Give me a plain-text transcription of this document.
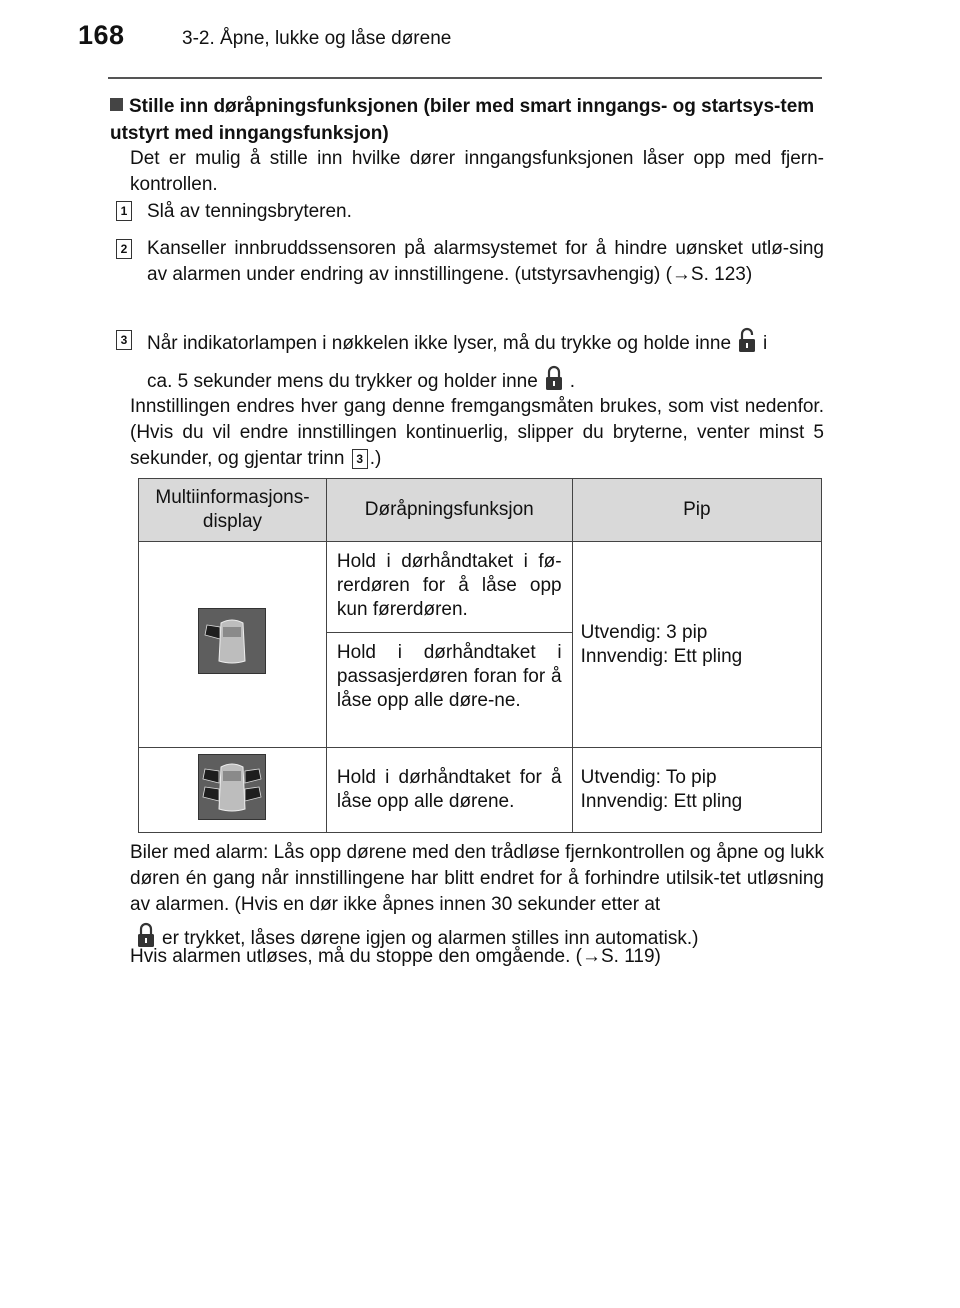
168	3-2. Åpne, lukke og låse dørene
Stille inn døråpningsfunksjonen (biler med smart inngangs- og startsys-tem utstyrt med inngangsfunksjon)
Det er mulig å stille inn hvilke dører inngangsfunksjonen låser opp med fjern-kontrollen.
1 Slå av tenningsbryteren.
2 Kanseller innbruddssensoren på alarmsystemet for å hindre uønsket utlø-sing av alarmen under endring av innstillingene. (utstyrsavhengig) (→S. 123)
3 Når indikatorlampen i nøkkelen ikke lyser, må du trykke og holde inne i
ca. 5 sekunder mens du trykker og holder inne .
Innstillingen endres hver gang denne fremgangsmåten brukes, som vist nedenfor. (Hvis du vil endre innstillingen kontinuerlig, slipper du bryterne, venter minst 5 sekunder, og gjentar trinn 3 .)
Multiinformasjons-display	Døråpningsfunksjon	Pip
	Hold i dørhåndtaket i fø-rerdøren for å låse opp kun førerdøren.	Utvendig: 3 pip
Innvendig: Ett pling

	Hold i dørhåndtaket i passasjerdøren foran for å låse opp alle døre-ne.	
	Hold i dørhåndtaket for å låse opp alle dørene.	Utvendig: To pip
Innvendig: Ett pling
Biler med alarm: Lås opp dørene med den trådløse fjernkontrollen og åpne og lukk døren én gang når innstillingene har blitt endret for å forhindre utilsik-tet utløsning av alarmen. (Hvis en dør ikke åpnes innen 30 sekunder etter at
er trykket, låses dørene igjen og alarmen stilles inn automatisk.)
Hvis alarmen utløses, må du stoppe den omgående. (→S. 119)
